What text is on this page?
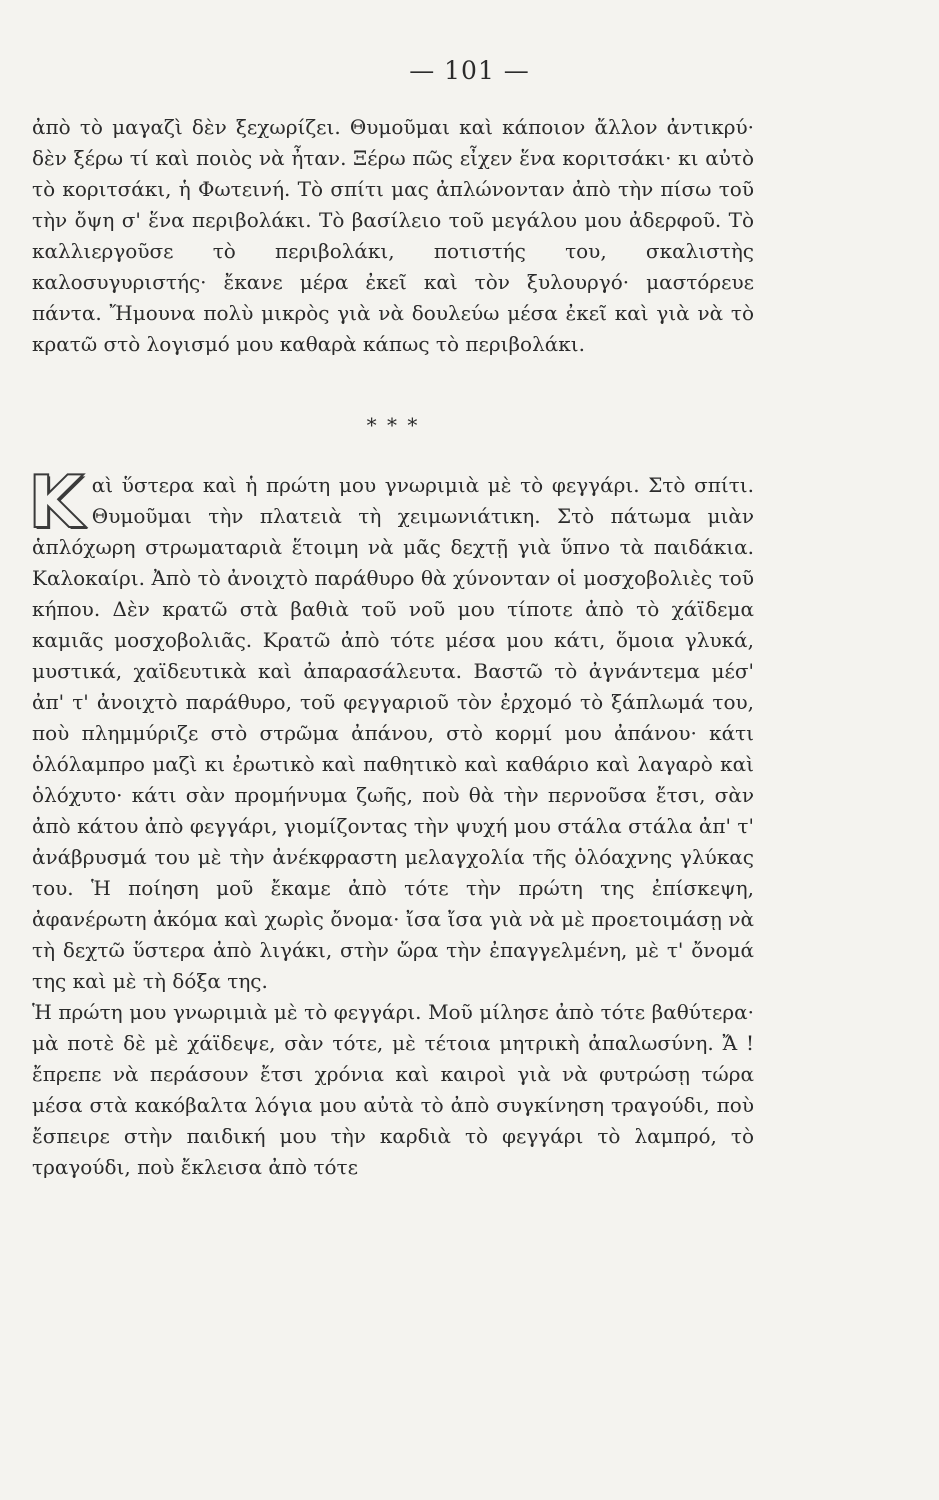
— 101 —

ἀπὸ τὸ μαγαζὶ δὲν ξεχωρίζει. Θυμοῦμαι καὶ κάποιον ἄλλον ἀντικρύ· δὲν ξέρω τί καὶ ποιὸς νὰ ἦταν. Ξέρω πῶς εἶχεν ἕνα κοριτσάκι· κι αὐτὸ τὸ κοριτσάκι, ἡ Φωτεινή. Τὸ σπίτι μας ἀπλώνονταν ἀπὸ τὴν πίσω τοῦ τὴν ὄψη σ' ἕνα περιβολάκι. Τὸ βασίλειο τοῦ μεγάλου μου ἀδερφοῦ. Τὸ καλλιεργοῦσε τὸ περιβολάκι, ποτιστής του, σκαλιστὴς καλοσυγυριστής· ἔκανε μέρα ἐκεῖ καὶ τὸν ξυλουργό· μαστόρευε πάντα. Ἤμουνα πολὺ μικρὸς γιὰ νὰ δουλεύω μέσα ἐκεῖ καὶ γιὰ νὰ τὸ κρατῶ στὸ λογισμό μου καθαρὰ κάπως τὸ περιβολάκι.

* * *

Καὶ ὕστερα καὶ ἡ πρώτη μου γνωριμιὰ μὲ τὸ φεγγάρι. Στὸ σπίτι. Θυμοῦμαι τὴν πλατειὰ τὴ χειμωνιάτικη. Στὸ πάτωμα μιὰν ἁπλόχωρη στρωματαριὰ ἕτοιμη νὰ μᾶς δεχτῇ γιὰ ὕπνο τὰ παιδάκια. Καλοκαίρι. Ἀπὸ τὸ ἀνοιχτὸ παράθυρο θὰ χύνονταν οἱ μοσχοβολιὲς τοῦ κήπου. Δὲν κρατῶ στὰ βαθιὰ τοῦ νοῦ μου τίποτε ἀπὸ τὸ χάϊδεμα καμιᾶς μοσχοβολιᾶς. Κρατῶ ἀπὸ τότε μέσα μου κάτι, ὅμοια γλυκά, μυστικά, χαϊδευτικὰ καὶ ἀπαρασάλευτα. Βαστῶ τὸ ἀγνάντεμα μέσ' ἀπ' τ' ἀνοιχτὸ παράθυρο, τοῦ φεγγαριοῦ τὸν ἐρχομό τὸ ξάπλωμά του, ποὺ πλημμύριζε στὸ στρῶμα ἀπάνου, στὸ κορμί μου ἀπάνου· κάτι ὁλόλαμπρο μαζὶ κι ἐρωτικὸ καὶ παθητικὸ καὶ καθάριο καὶ λαγαρὸ καὶ ὁλόχυτο· κάτι σὰν προμήνυμα ζωῆς, ποὺ θὰ τὴν περνοῦσα ἔτσι, σὰν ἀπὸ κάτου ἀπὸ φεγγάρι, γιομίζοντας τὴν ψυχή μου στάλα στάλα ἀπ' τ' ἀνάβρυσμά του μὲ τὴν ἀνέκφραστη μελαγχολία τῆς ὁλόαχνης γλύκας του. Ἡ ποίηση μοῦ ἔκαμε ἀπὸ τότε τὴν πρώτη της ἐπίσκεψη, ἀφανέρωτη ἀκόμα καὶ χωρὶς ὄνομα· ἴσα ἴσα γιὰ νὰ μὲ προετοιμάσῃ νὰ τὴ δεχτῶ ὕστερα ἀπὸ λιγάκι, στὴν ὥρα τὴν ἐπαγγελμένη, μὲ τ' ὄνομά της καὶ μὲ τὴ δόξα της.

Ἡ πρώτη μου γνωριμιὰ μὲ τὸ φεγγάρι. Μοῦ μίλησε ἀπὸ τότε βαθύτερα· μὰ ποτὲ δὲ μὲ χάϊδεψε, σὰν τότε, μὲ τέτοια μητρικὴ ἀπαλωσύνη. Ἄ ! ἔπρεπε νὰ περάσουν ἔτσι χρόνια καὶ καιροὶ γιὰ νὰ φυτρώσῃ τώρα μέσα στὰ κακόβαλτα λόγια μου αὐτὰ τὸ ἀπὸ συγκίνηση τραγούδι, ποὺ ἔσπειρε στὴν παιδική μου τὴν καρδιὰ τὸ φεγγάρι τὸ λαμπρό, τὸ τραγούδι, ποὺ ἔκλεισα ἀπὸ τότε
